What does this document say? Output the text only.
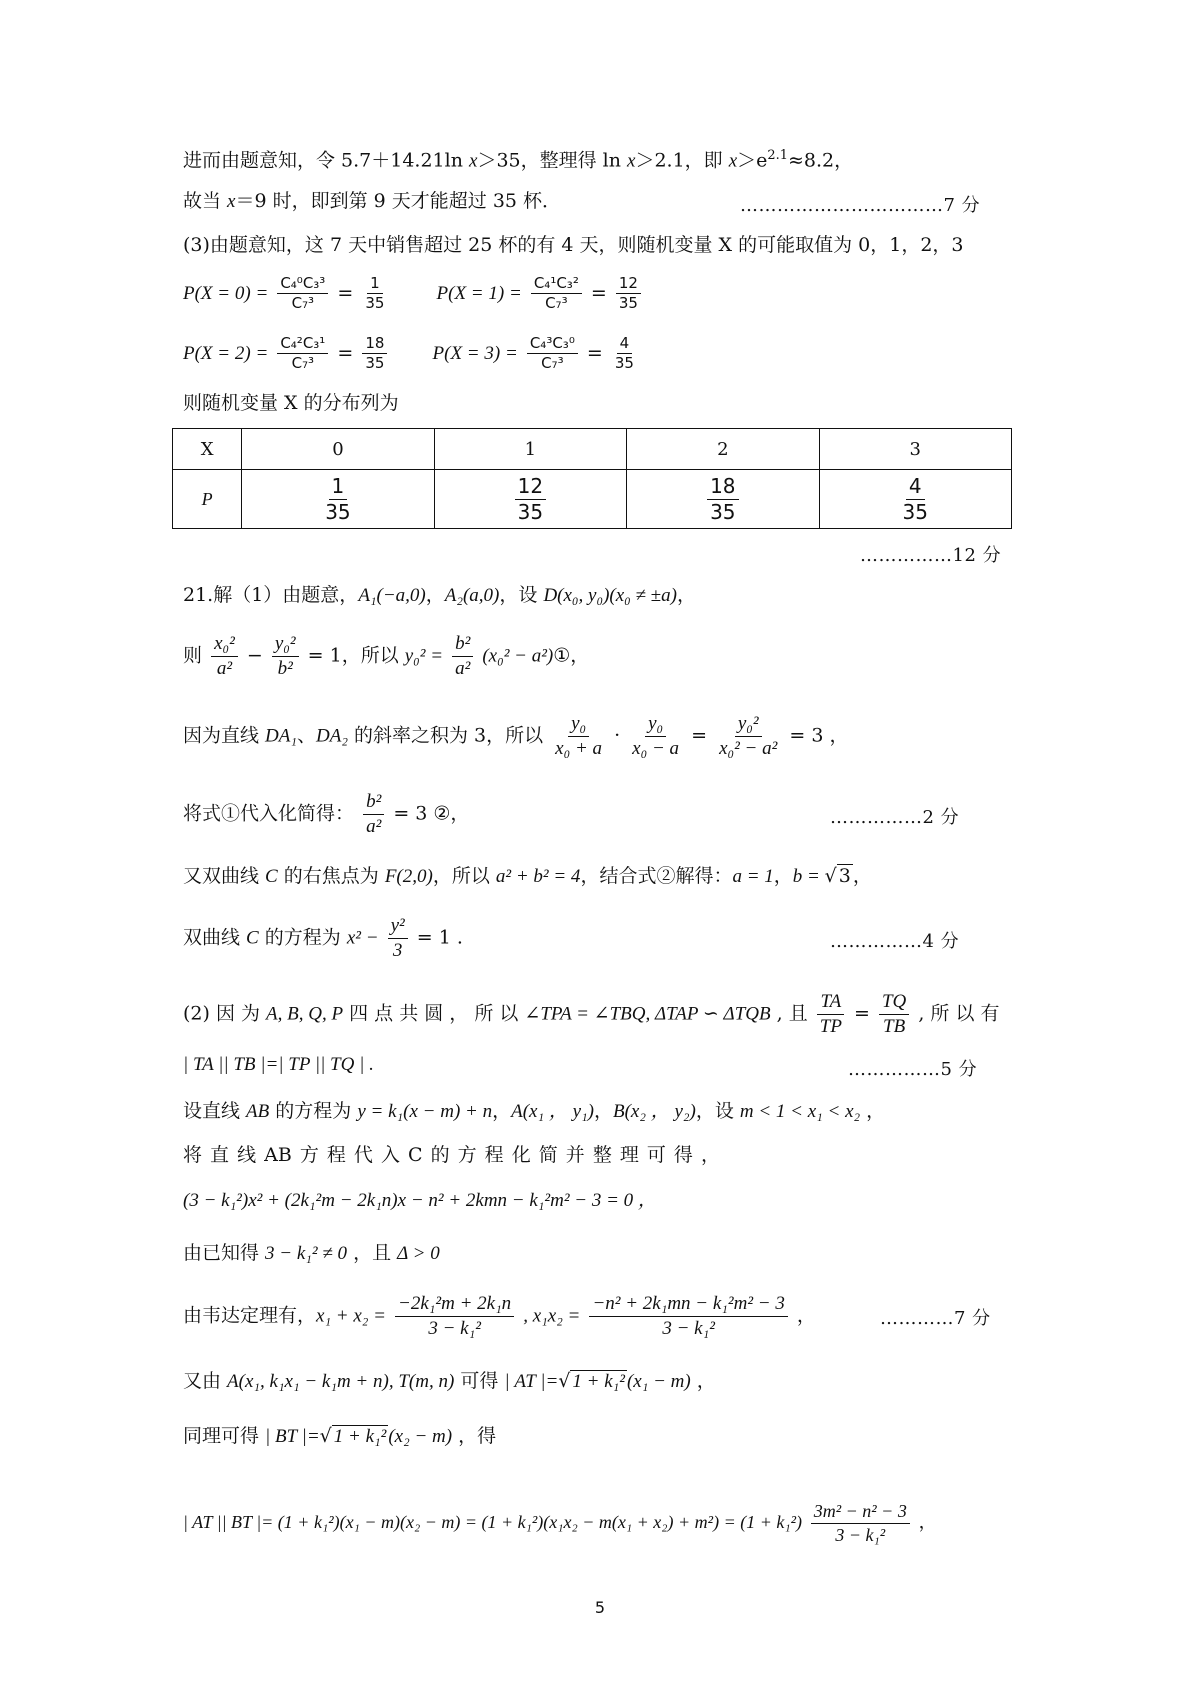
进而由题意知，令 5.7＋14.21ln x＞35，整理得 ln x＞2.1，即 $x>e^{2.1}\approx 8.2$，
故当 x＝9 时，即到第 9 天才能超过 35 杯．	……………………………7 分
(3)由题意知，这 7 天中销售超过 25 杯的有 4 天，则随机变量 X 的可能取值为 0，1，2，3
$P(X = 0) = \frac{\text{C₄⁰C₃³}}{\text{C₇³}} = \frac{1}{35}$	$P(X = 1) = \frac{\text{C₄¹C₃²}}{\text{C₇³}} = \frac{12}{35}$
$P(X = 2) = \frac{\text{C₄²C₃¹}}{\text{C₇³}} = \frac{18}{35} P(X = 3) = \frac{\text{C₄³C₃⁰}}{\text{C₇³}} = \frac{4}{35}$
则随机变量 X 的分布列为
X	0	1	2	3
P	$\frac{1}{35}$	$\frac{12}{35}$	$\frac{18}{35}$	$\frac{4}{35}$
……………12 分
21.解（1）由题意，A₁(−a,0)，A₂(a,0)，设 D(x₀, y₀)(x₀ ≠ ±a)，
则 $\frac{\text{x₀²}}{\text{a²}} - \frac{\text{y₀²}}{\text{b²}} = 1$，所以 $y_0^2 = \frac{\text{b²}}{\text{a²}} (x_0^2$ − a²)①，
因为直线 DA₁、DA₂ 的斜率之积为 3，所以 $\frac{\text{y₀}}{\text{x₀ + a}} \cdot \frac{\text{y₀}}{\text{x₀ − a}} = \frac{\text{y₀²}}{\text{x₀² − a²}} = 3$ ，
将式①代入化简得： $\frac{\text{b²}}{\text{a²}} = 3$ ②，	……………2 分
又双曲线 C 的右焦点为 F(2,0)，所以 a² + b² = 4，结合式②解得：a = 1，b = √ 3 ，
双曲线 C 的方程为 $x^2 - \frac{\text{y²}}{3} = 1$ .	……………4 分
(2) 因 为 A, B, Q, P 四 点 共 圆 ， 所 以 ∠TPA = ∠TBQ, ΔTAP ∽ ΔTQB , 且 $\frac{TA}{TP} = \frac{TQ}{TB}$ , 所 以 有
| TA || TB |=| TP || TQ | .	……………5 分
设直线 AB 的方程为 y = k₁(x − m) + n，A(x₁ ， y₁)，B(x₂ ， y₂)，设 m < 1 < x₁ < x₂ ，
将 直 线 AB 方 程 代 入 C 的 方 程 化 简 并 整 理 可 得 ，
(3 − k₁²)x² + (2k₁²m − 2k₁n)x − n² + 2kmn − k₁²m² − 3 = 0 ，
由已知得 3 − k₁² ≠ 0 ，且 Δ > 0
由韦达定理有，$x_1 + x_2 = \frac{\text{−2k₁²m + 2k₁n}}{\text{3 − k₁²}}$ , $x_1x_2 = \frac{\text{−n² + 2k₁mn − k₁²m² − 3}}{\text{3 − k₁²}}$ ，	…………7 分
又由 A(x₁, k₁x₁ − k₁m + n), T(m, n) 可得 | AT |=√ 1 + k₁² (x₁ − m) ，
同理可得 | BT |=√ 1 + k₁² (x₂ − m) ，得
| AT || BT |= $(1 + k_1^2)(x_1 - m)(x_2 - m) = (1 + k_1^2)(x_1x_2 - m(x_1 + x_2) + m^2) = (1 + k_1^2) \frac{\text{3m² − n² − 3}}{\text{3 − k₁²}}$ ，
5
